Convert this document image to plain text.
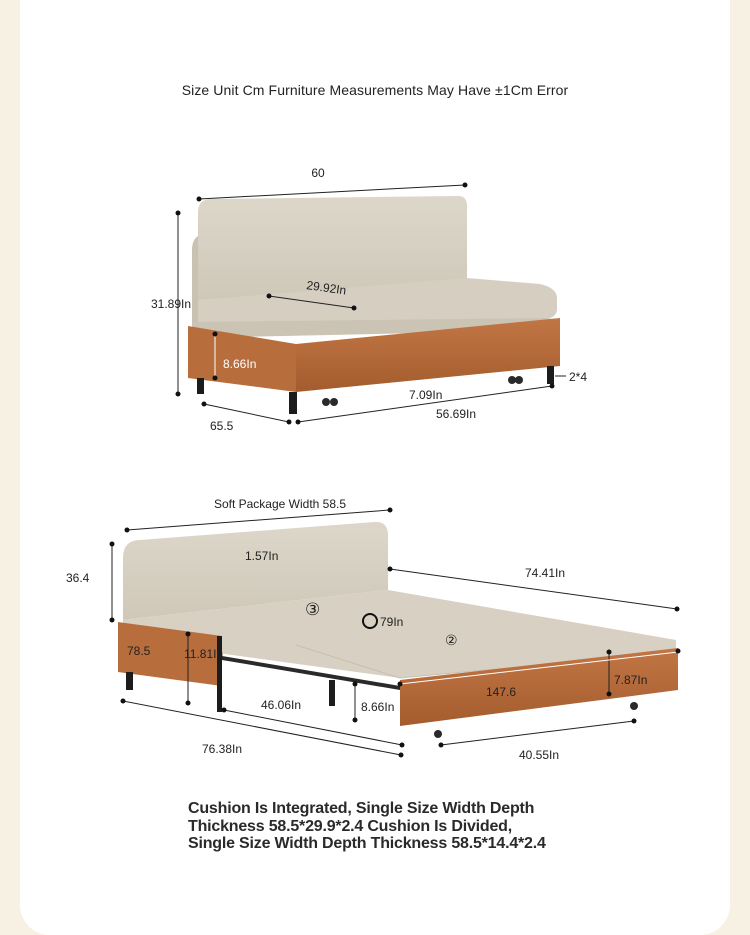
Size Unit Cm Furniture Measurements May Have ±1Cm Error
60
31.89In
29.92In
8.66In
2*4
7.09In
56.69In
65.5
Soft Package Width 58.5
36.4
1.57In
74.41In
③
79In
②
78.5	11.81In
46.06In	8.66In
147.6
7.87In
76.38In	40.55In
Cushion Is Integrated, Single Size Width Depth
Thickness 58.5*29.9*2.4 Cushion Is Divided,
Single Size Width Depth Thickness 58.5*14.4*2.4
